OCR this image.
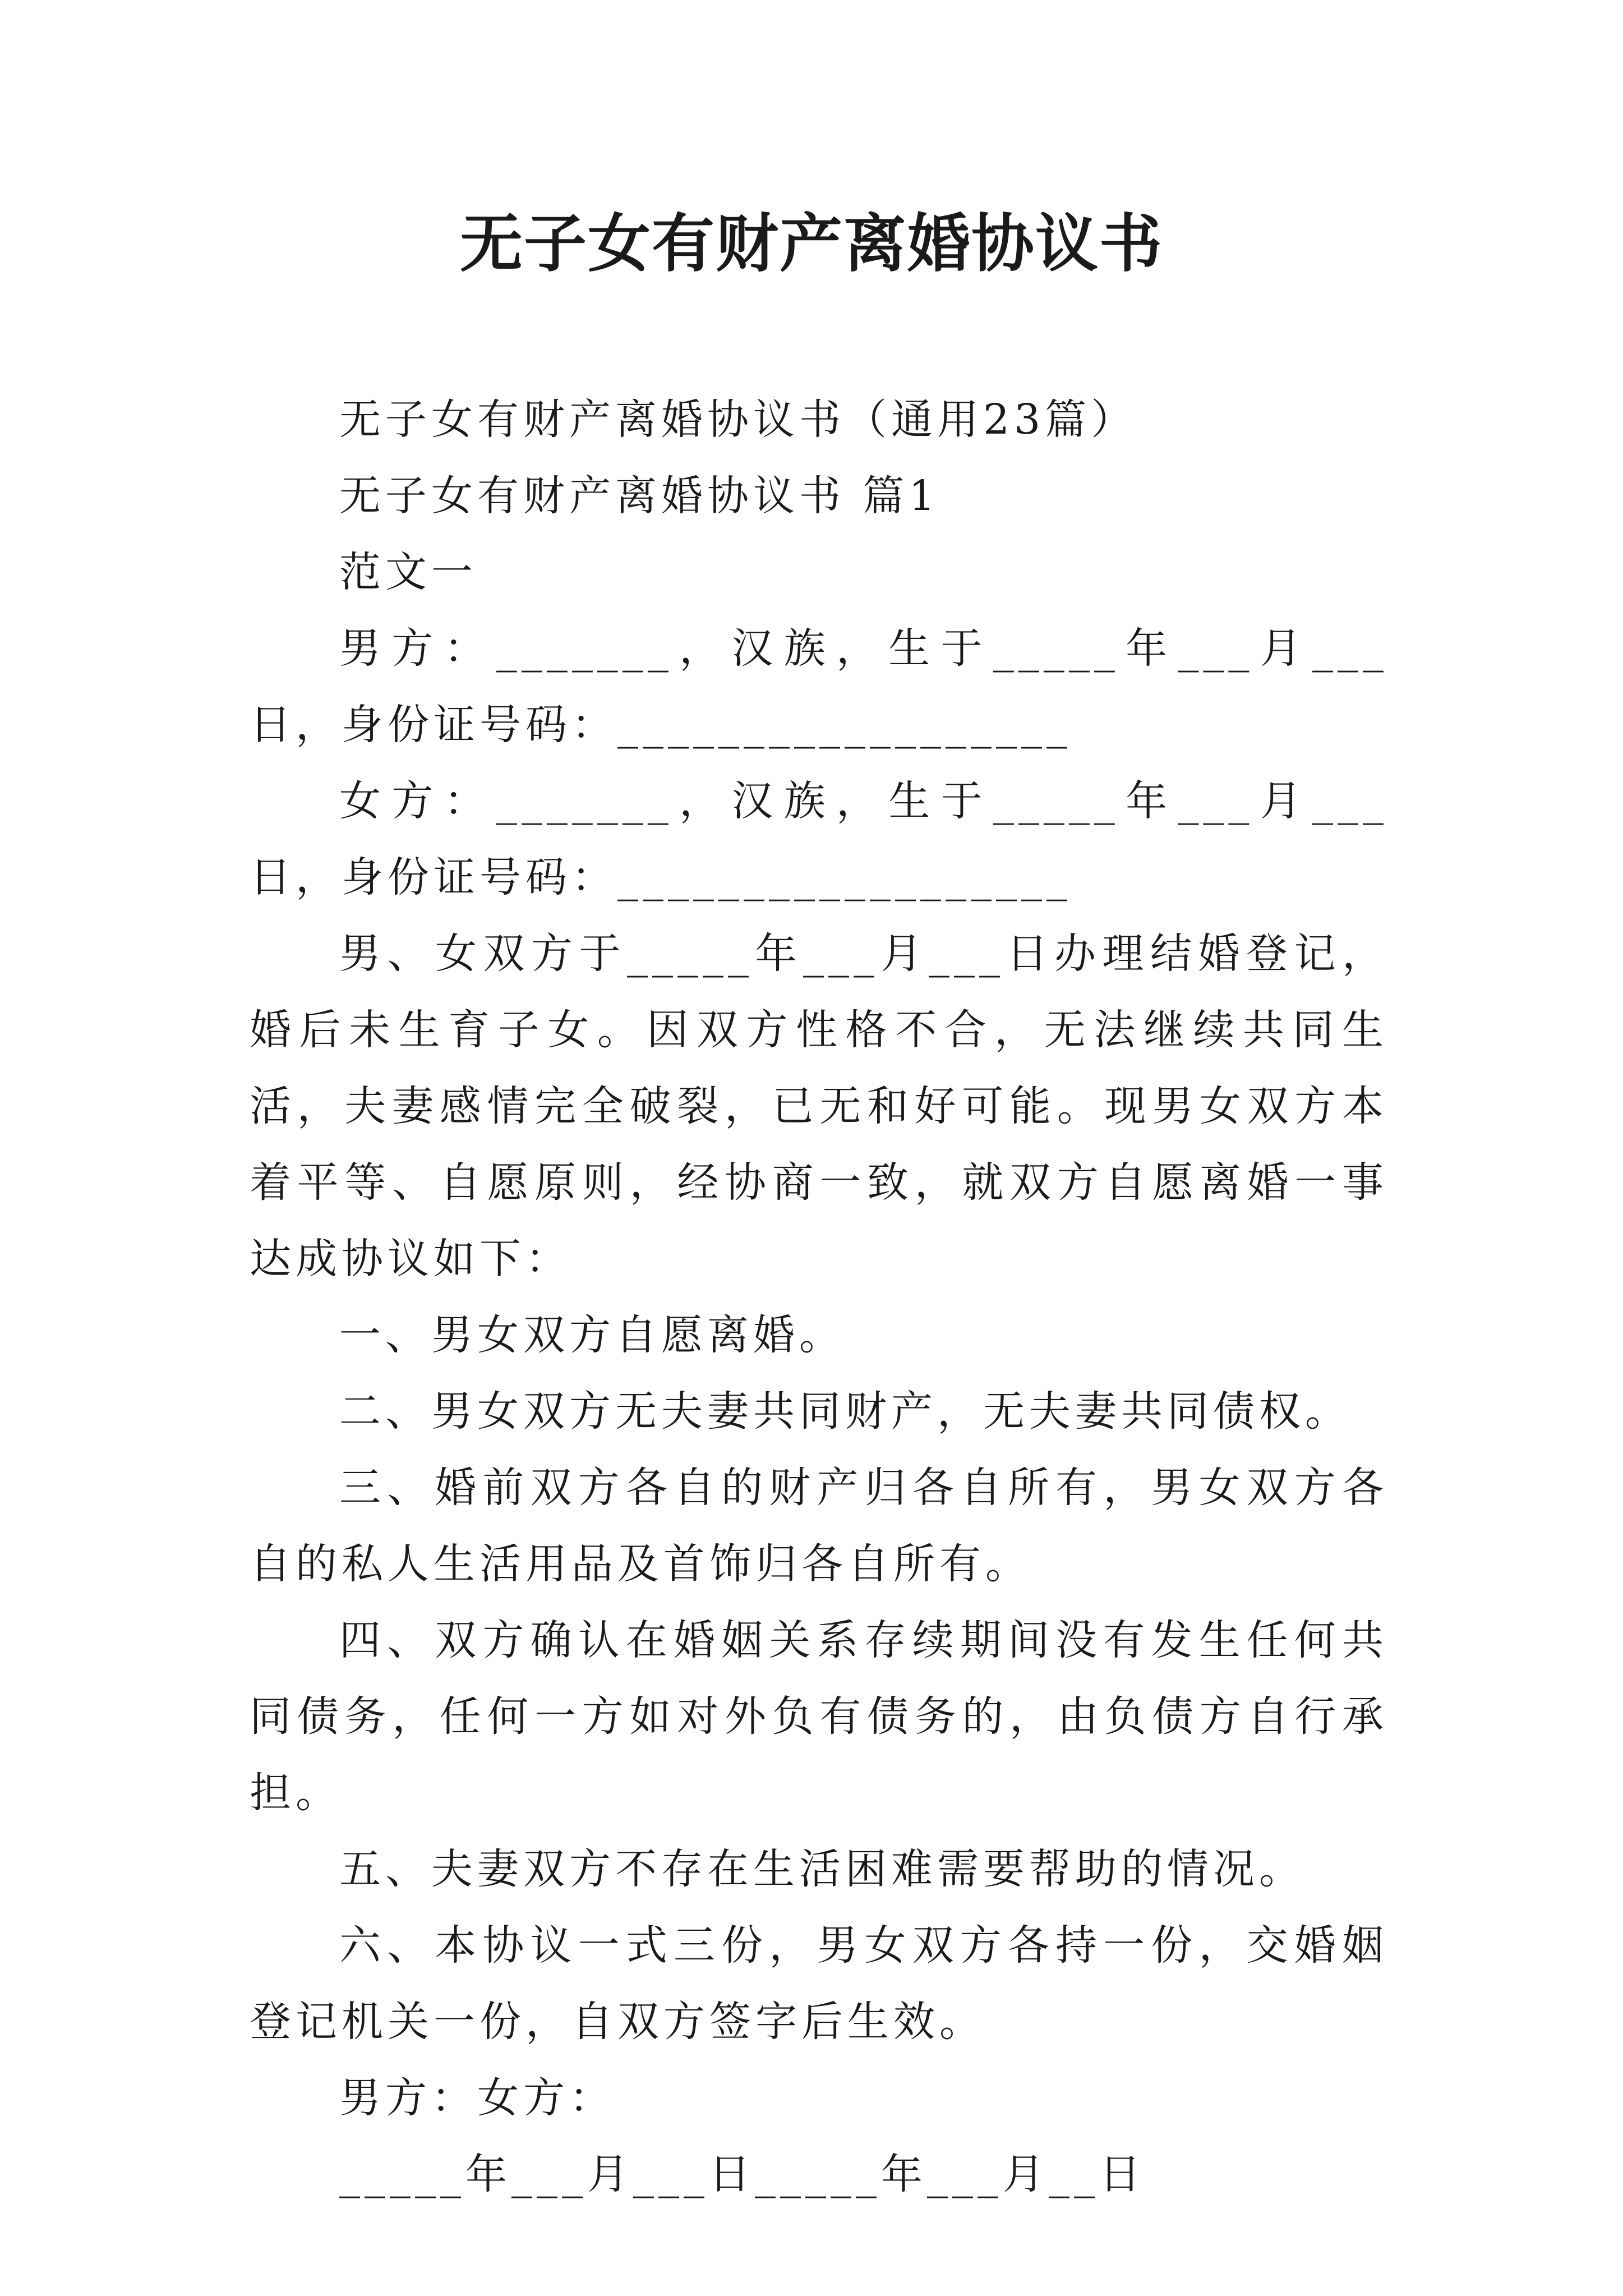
无子女有财产离婚协议书

无子女有财产离婚协议书（通用23篇）

无子女有财产离婚协议书 篇1

范文一

男方：_______，汉族，生于_____年___月___日，身份证号码：__________________

女方：_______，汉族，生于_____年___月___日，身份证号码：__________________

男、女双方于_____年___月___日办理结婚登记，婚后未生育子女。因双方性格不合，无法继续共同生活，夫妻感情完全破裂，已无和好可能。现男女双方本着平等、自愿原则，经协商一致，就双方自愿离婚一事达成协议如下：

一、男女双方自愿离婚。

二、男女双方无夫妻共同财产，无夫妻共同债权。

三、婚前双方各自的财产归各自所有，男女双方各自的私人生活用品及首饰归各自所有。

四、双方确认在婚姻关系存续期间没有发生任何共同债务，任何一方如对外负有债务的，由负债方自行承担。

五、夫妻双方不存在生活困难需要帮助的情况。

六、本协议一式三份，男女双方各持一份，交婚姻登记机关一份，自双方签字后生效。

男方：女方：

_____年___月___日_____年___月__日
